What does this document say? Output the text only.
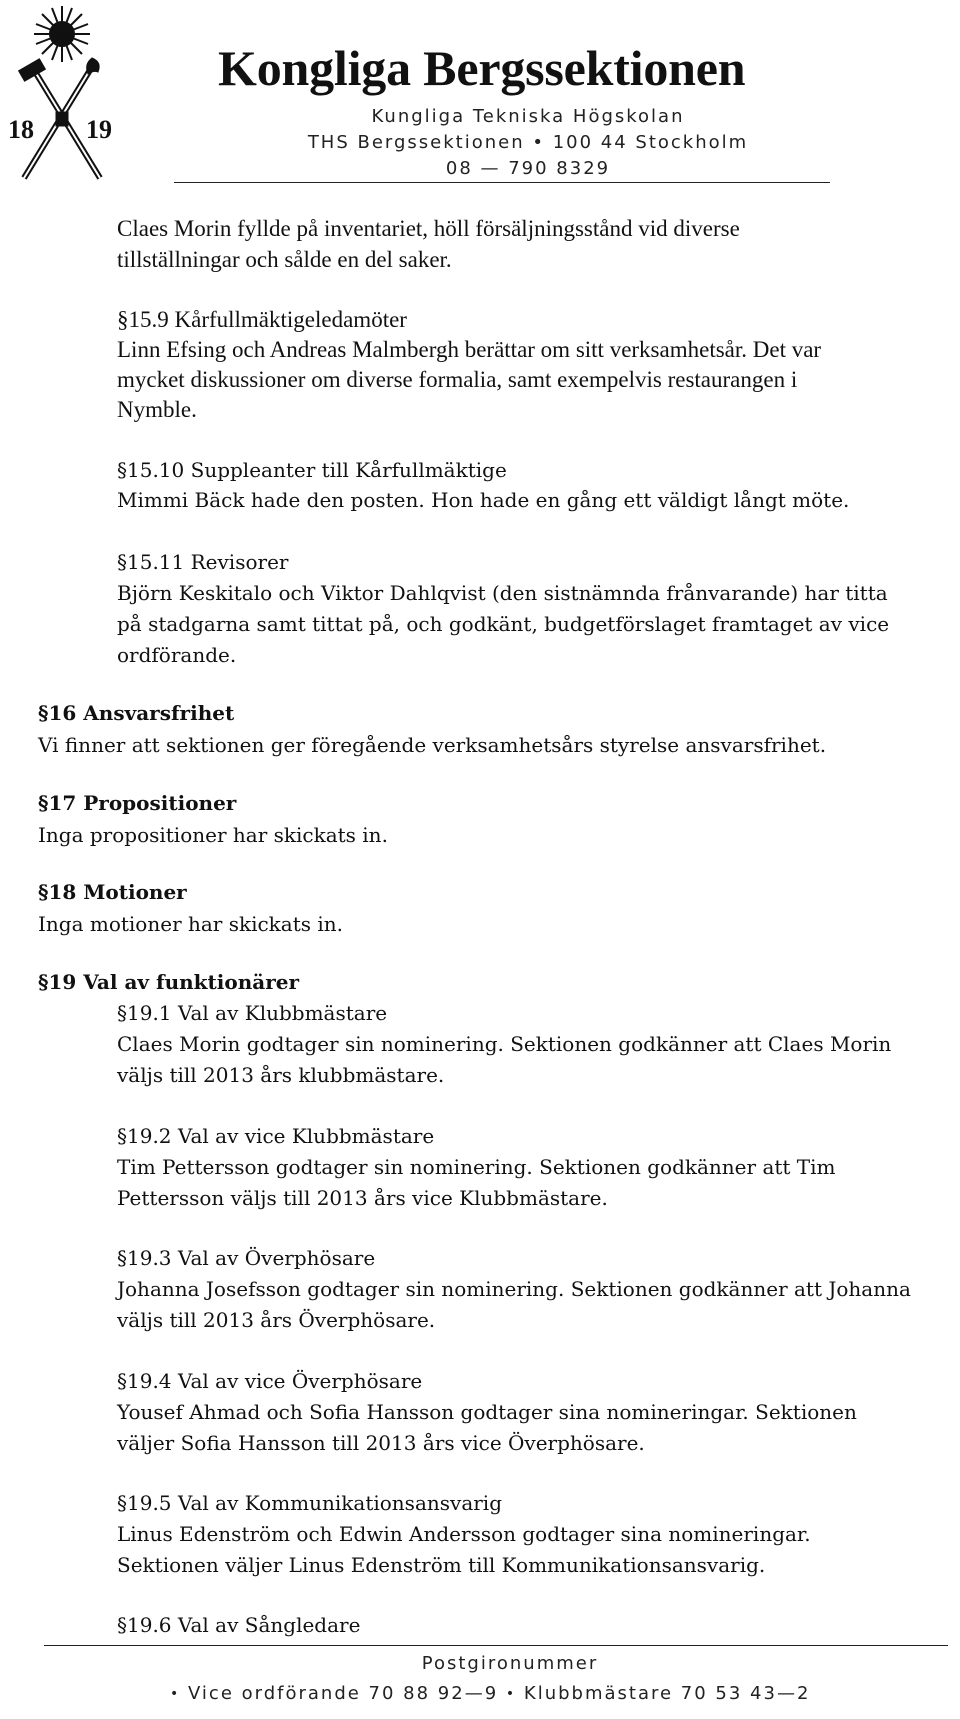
18 19
Kongliga Bergssektionen
Kungliga Tekniska Högskolan
THS Bergssektionen • 100 44 Stockholm
08 — 790 8329
Claes Morin fyllde på inventariet, höll försäljningsstånd vid diverse
tillställningar och sålde en del saker.
§15.9 Kårfullmäktigeledamöter
Linn Efsing och Andreas Malmbergh berättar om sitt verksamhetsår. Det var
mycket diskussioner om diverse formalia, samt exempelvis restaurangen i
Nymble.
§15.10 Suppleanter till Kårfullmäktige
Mimmi Bäck hade den posten. Hon hade en gång ett väldigt långt möte.
§15.11 Revisorer
Björn Keskitalo och Viktor Dahlqvist (den sistnämnda frånvarande) har titta
på stadgarna samt tittat på, och godkänt, budgetförslaget framtaget av vice
ordförande.
§16 Ansvarsfrihet
Vi finner att sektionen ger föregående verksamhetsårs styrelse ansvarsfrihet.
§17 Propositioner
Inga propositioner har skickats in.
§18 Motioner
Inga motioner har skickats in.
§19 Val av funktionärer
§19.1 Val av Klubbmästare
Claes Morin godtager sin nominering. Sektionen godkänner att Claes Morin
väljs till 2013 års klubbmästare.
§19.2 Val av vice Klubbmästare
Tim Pettersson godtager sin nominering. Sektionen godkänner att Tim
Pettersson väljs till 2013 års vice Klubbmästare.
§19.3 Val av Överphösare
Johanna Josefsson godtager sin nominering. Sektionen godkänner att Johanna
väljs till 2013 års Överphösare.
§19.4 Val av vice Överphösare
Yousef Ahmad och Sofia Hansson godtager sina nomineringar. Sektionen
väljer Sofia Hansson till 2013 års vice Överphösare.
§19.5 Val av Kommunikationsansvarig
Linus Edenström och Edwin Andersson godtager sina nomineringar.
Sektionen väljer Linus Edenström till Kommunikationsansvarig.
§19.6 Val av Sångledare
Postgironummer
• Vice ordförande 70 88 92—9 • Klubbmästare 70 53 43—2
